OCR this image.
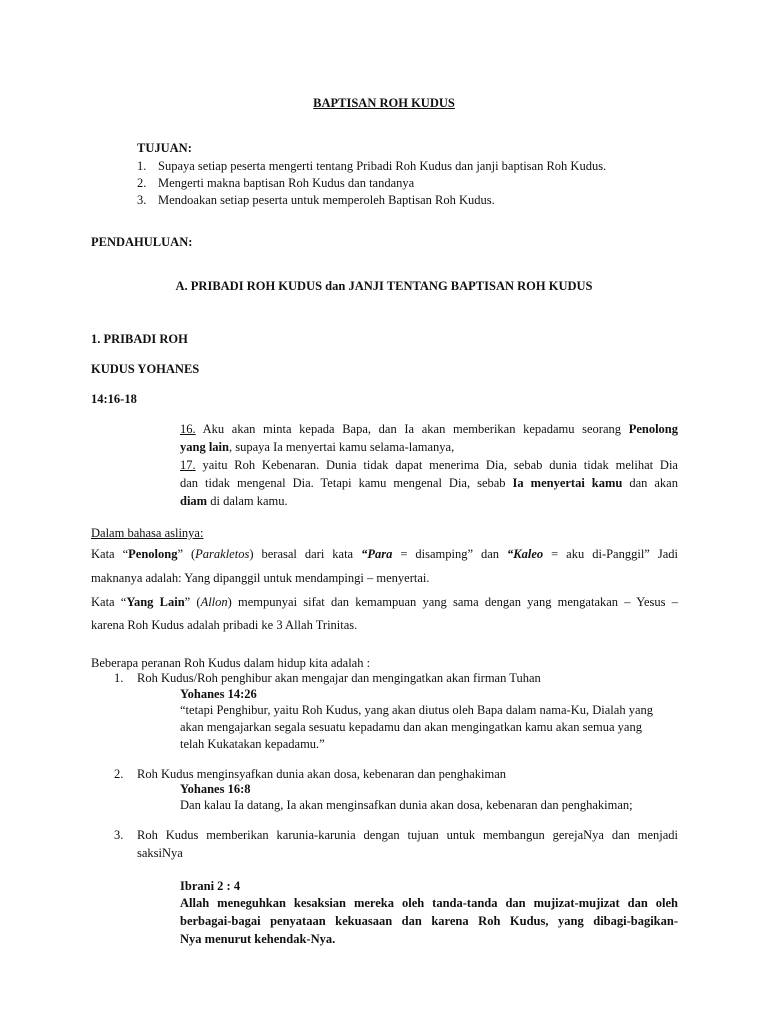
BAPTISAN ROH KUDUS
TUJUAN:
1. Supaya setiap peserta mengerti tentang Pribadi Roh Kudus dan janji baptisan Roh Kudus.
2. Mengerti makna baptisan Roh Kudus dan tandanya
3. Mendoakan setiap peserta untuk memperoleh Baptisan Roh Kudus.
PENDAHULUAN:
A. PRIBADI ROH KUDUS dan JANJI TENTANG BAPTISAN ROH KUDUS
1. PRIBADI ROH
KUDUS YOHANES
14:16-18
16. Aku akan minta kepada Bapa, dan Ia akan memberikan kepadamu seorang Penolong
yang lain, supaya Ia menyertai kamu selama-lamanya,
17. yaitu Roh Kebenaran. Dunia tidak dapat menerima Dia, sebab dunia tidak melihat Dia
dan tidak mengenal Dia. Tetapi kamu mengenal Dia, sebab Ia menyertai kamu dan akan
diam di dalam kamu.
Dalam bahasa aslinya:
Kata “Penolong” (Parakletos) berasal dari kata “Para = disamping” dan “Kaleo = aku di-Panggil” Jadi
maknanya adalah: Yang dipanggil untuk mendampingi – menyertai.
Kata “Yang Lain” (Allon) mempunyai sifat dan kemampuan yang sama dengan yang mengatakan – Yesus –
karena Roh Kudus adalah pribadi ke 3 Allah Trinitas.
Beberapa peranan Roh Kudus dalam hidup kita adalah :
1. Roh Kudus/Roh penghibur akan mengajar dan mengingatkan akan firman Tuhan
Yohanes 14:26
“tetapi Penghibur, yaitu Roh Kudus, yang akan diutus oleh Bapa dalam nama-Ku, Dialah yang
akan mengajarkan segala sesuatu kepadamu dan akan mengingatkan kamu akan semua yang
telah Kukatakan kepadamu.”
2. Roh Kudus menginsyafkan dunia akan dosa, kebenaran dan penghakiman
Yohanes 16:8
Dan kalau Ia datang, Ia akan menginsafkan dunia akan dosa, kebenaran dan penghakiman;
3. Roh Kudus memberikan karunia-karunia dengan tujuan untuk membangun gerejaNya dan menjadi
saksiNya
Ibrani 2 : 4
Allah meneguhkan kesaksian mereka oleh tanda-tanda dan mujizat-mujizat dan oleh
berbagai-bagai penyataan kekuasaan dan karena Roh Kudus, yang dibagi-bagikan-
Nya menurut kehendak-Nya.
